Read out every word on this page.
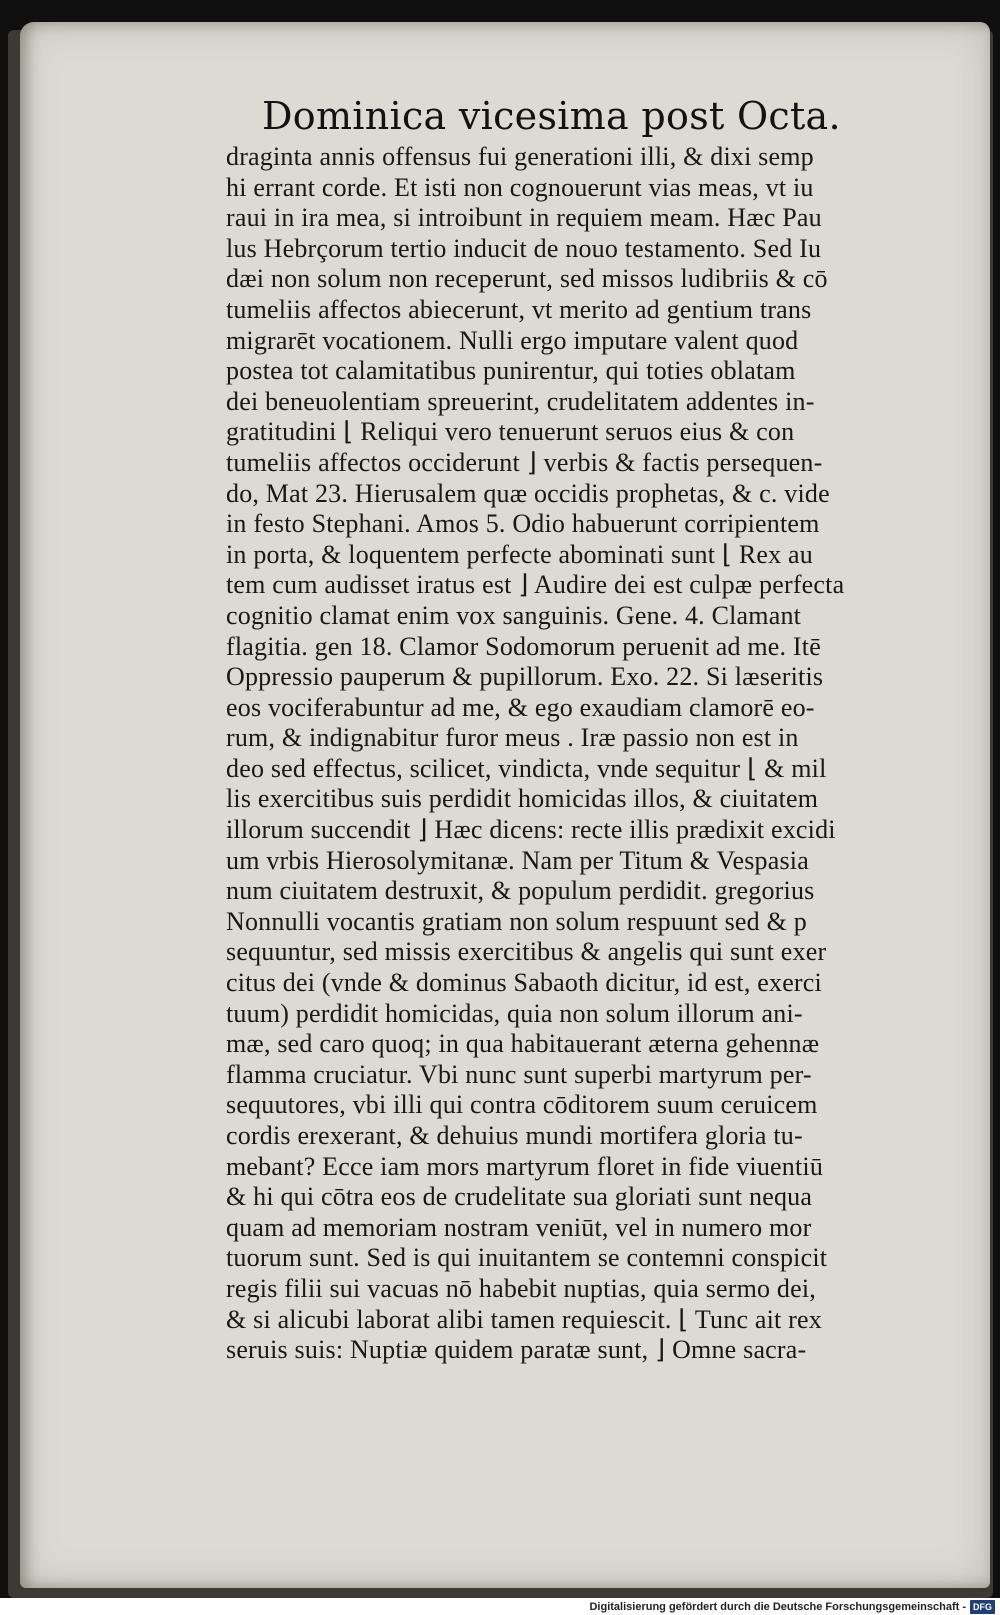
Dominica vicesima post Octa.
draginta annis offensus fui generationi illi, & dixi semp
hi errant corde. Et isti non cognouerunt vias meas, vt iu
raui in ira mea, si introibunt in requiem meam. Hæc Pau
lus Hebrçorum tertio inducit de nouo testamento. Sed Iu
dæi non solum non receperunt, sed missos ludibriis & cō
tumeliis affectos abiecerunt, vt merito ad gentium trans
migrarēt vocationem. Nulli ergo imputare valent quod
postea tot calamitatibus punirentur, qui toties oblatam
dei beneuolentiam spreuerint, crudelitatem addentes in-
gratitudini ⌊ Reliqui vero tenuerunt seruos eius & con
tumeliis affectos occiderunt ⌋ verbis & factis persequen-
do, Mat 23. Hierusalem quæ occidis prophetas, & c. vide
in festo Stephani. Amos 5. Odio habuerunt corripientem
in porta, & loquentem perfecte abominati sunt ⌊ Rex au
tem cum audisset iratus est ⌋ Audire dei est culpæ perfecta
cognitio clamat enim vox sanguinis. Gene. 4. Clamant
flagitia. gen 18. Clamor Sodomorum peruenit ad me. Itē
Oppressio pauperum & pupillorum. Exo. 22. Si læseritis
eos vociferabuntur ad me, & ego exaudiam clamorē eo-
rum, & indignabitur furor meus . Iræ passio non est in
deo sed effectus, scilicet, vindicta, vnde sequitur ⌊ & mil
lis exercitibus suis perdidit homicidas illos, & ciuitatem
illorum succendit ⌋ Hæc dicens: recte illis prædixit excidi
um vrbis Hierosolymitanæ. Nam per Titum & Vespasia
num ciuitatem destruxit, & populum perdidit. gregorius
Nonnulli vocantis gratiam non solum respuunt sed & p
sequuntur, sed missis exercitibus & angelis qui sunt exer
citus dei (vnde & dominus Sabaoth dicitur, id est, exerci
tuum) perdidit homicidas, quia non solum illorum ani-
mæ, sed caro quoq; in qua habitauerant æterna gehennæ
flamma cruciatur. Vbi nunc sunt superbi martyrum per-
sequutores, vbi illi qui contra cōditorem suum ceruicem
cordis erexerant, & dehuius mundi mortifera gloria tu-
mebant? Ecce iam mors martyrum floret in fide viuentiū
& hi qui cōtra eos de crudelitate sua gloriati sunt nequa
quam ad memoriam nostram veniūt, vel in numero mor
tuorum sunt. Sed is qui inuitantem se contemni conspicit
regis filii sui vacuas nō habebit nuptias, quia sermo dei,
& si alicubi laborat alibi tamen requiescit. ⌊ Tunc ait rex
seruis suis: Nuptiæ quidem paratæ sunt, ⌋ Omne sacra-
Digitalisierung gefördert durch die Deutsche Forschungsgemeinschaft - DFG
